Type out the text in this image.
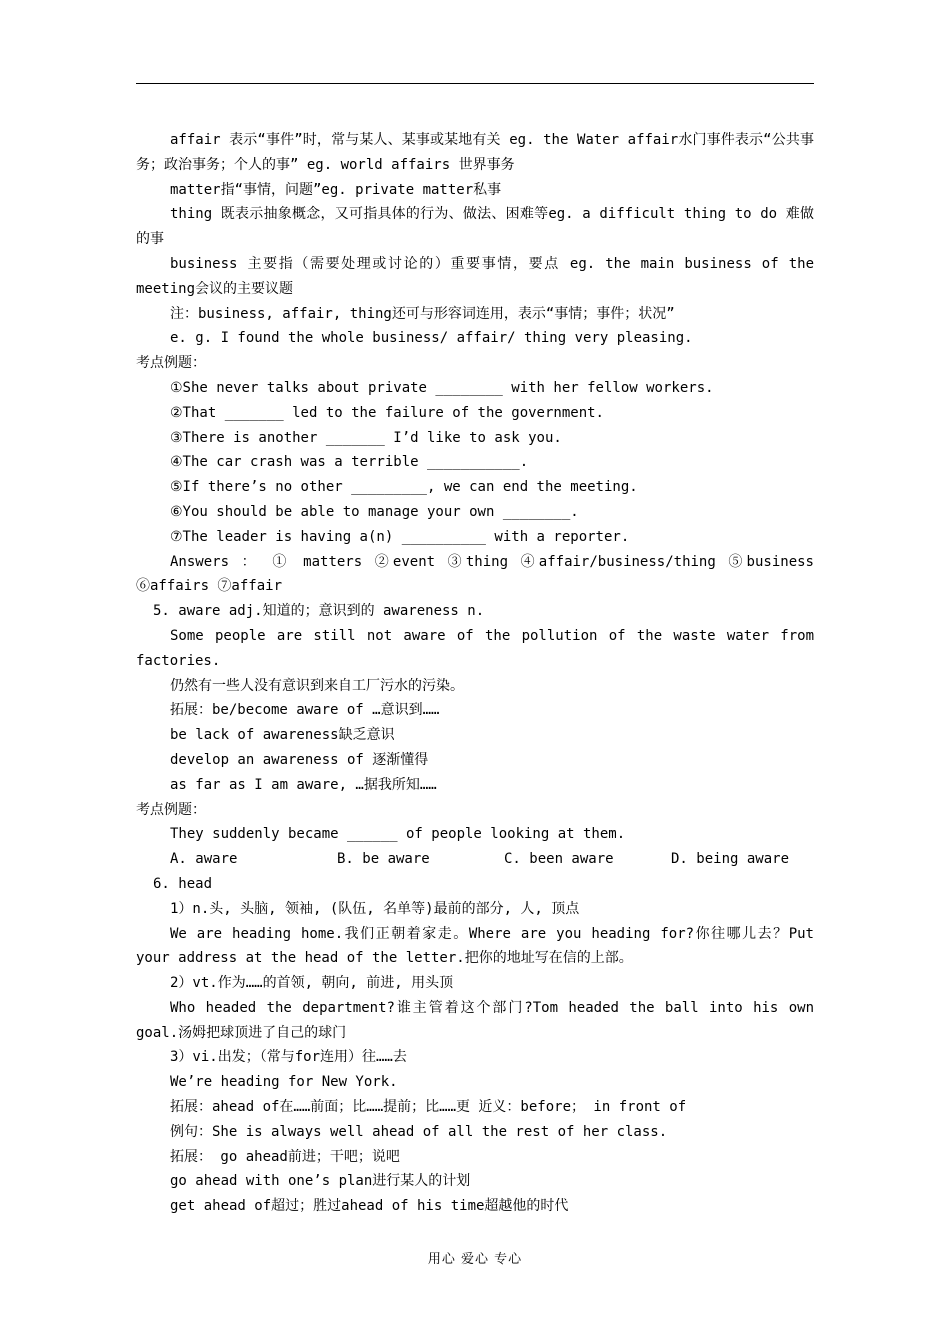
affair 表示“事件”时，常与某人、某事或某地有关 eg. the Water affair水门事件表示“公共事务；政治事务；个人的事” eg. world affairs 世界事务

matter指“事情，问题”eg. private matter私事

thing 既表示抽象概念，又可指具体的行为、做法、困难等eg. a difficult thing to do 难做的事

business 主要指（需要处理或讨论的）重要事情，要点 eg. the main business of the meeting会议的主要议题

注：business, affair, thing还可与形容词连用，表示“事情；事件；状况”

e. g. I found the whole business/ affair/ thing very pleasing.

考点例题：

①She never talks about private ________ with her fellow workers.

②That _______ led to the failure of the government.

③There is another _______ I’d like to ask you.

④The car crash was a terrible ___________.

⑤If there’s no other _________, we can end the meeting.

⑥You should be able to manage your own ________.

⑦The leader is having a(n) __________ with a reporter.

Answers ： ① matters ②event ③thing ④affair/business/thing ⑤business ⑥affairs ⑦affair

5. aware adj.知道的；意识到的 awareness n.

Some people are still not aware of the pollution of the waste water from factories.

仍然有一些人没有意识到来自工厂污水的污染。

拓展：be/become aware of …意识到……

be lack of awareness缺乏意识

develop an awareness of 逐渐懂得

as far as I am aware, …据我所知……

考点例题：

They suddenly became ______ of people looking at them.

A. aware	B. be aware	C. been aware	D. being aware

6. head

1）n.头, 头脑, 领袖, (队伍, 名单等)最前的部分, 人, 顶点

We are heading home.我们正朝着家走。Where are you heading for?你往哪儿去？Put your address at the head of the letter.把你的地址写在信的上部。

2）vt.作为……的首领, 朝向, 前进, 用头顶

Who headed the department?谁主管着这个部门?Tom headed the ball into his own goal.汤姆把球顶进了自己的球门

3）vi.出发；（常与for连用）往……去

We’re heading for New York.

拓展：ahead of在……前面；比……提前；比……更 近义：before； in front of

例句：She is always well ahead of all the rest of her class.

拓展： go ahead前进；干吧；说吧

go ahead with one’s plan进行某人的计划

get ahead of超过；胜过ahead of his time超越他的时代

用心 爱心 专心
